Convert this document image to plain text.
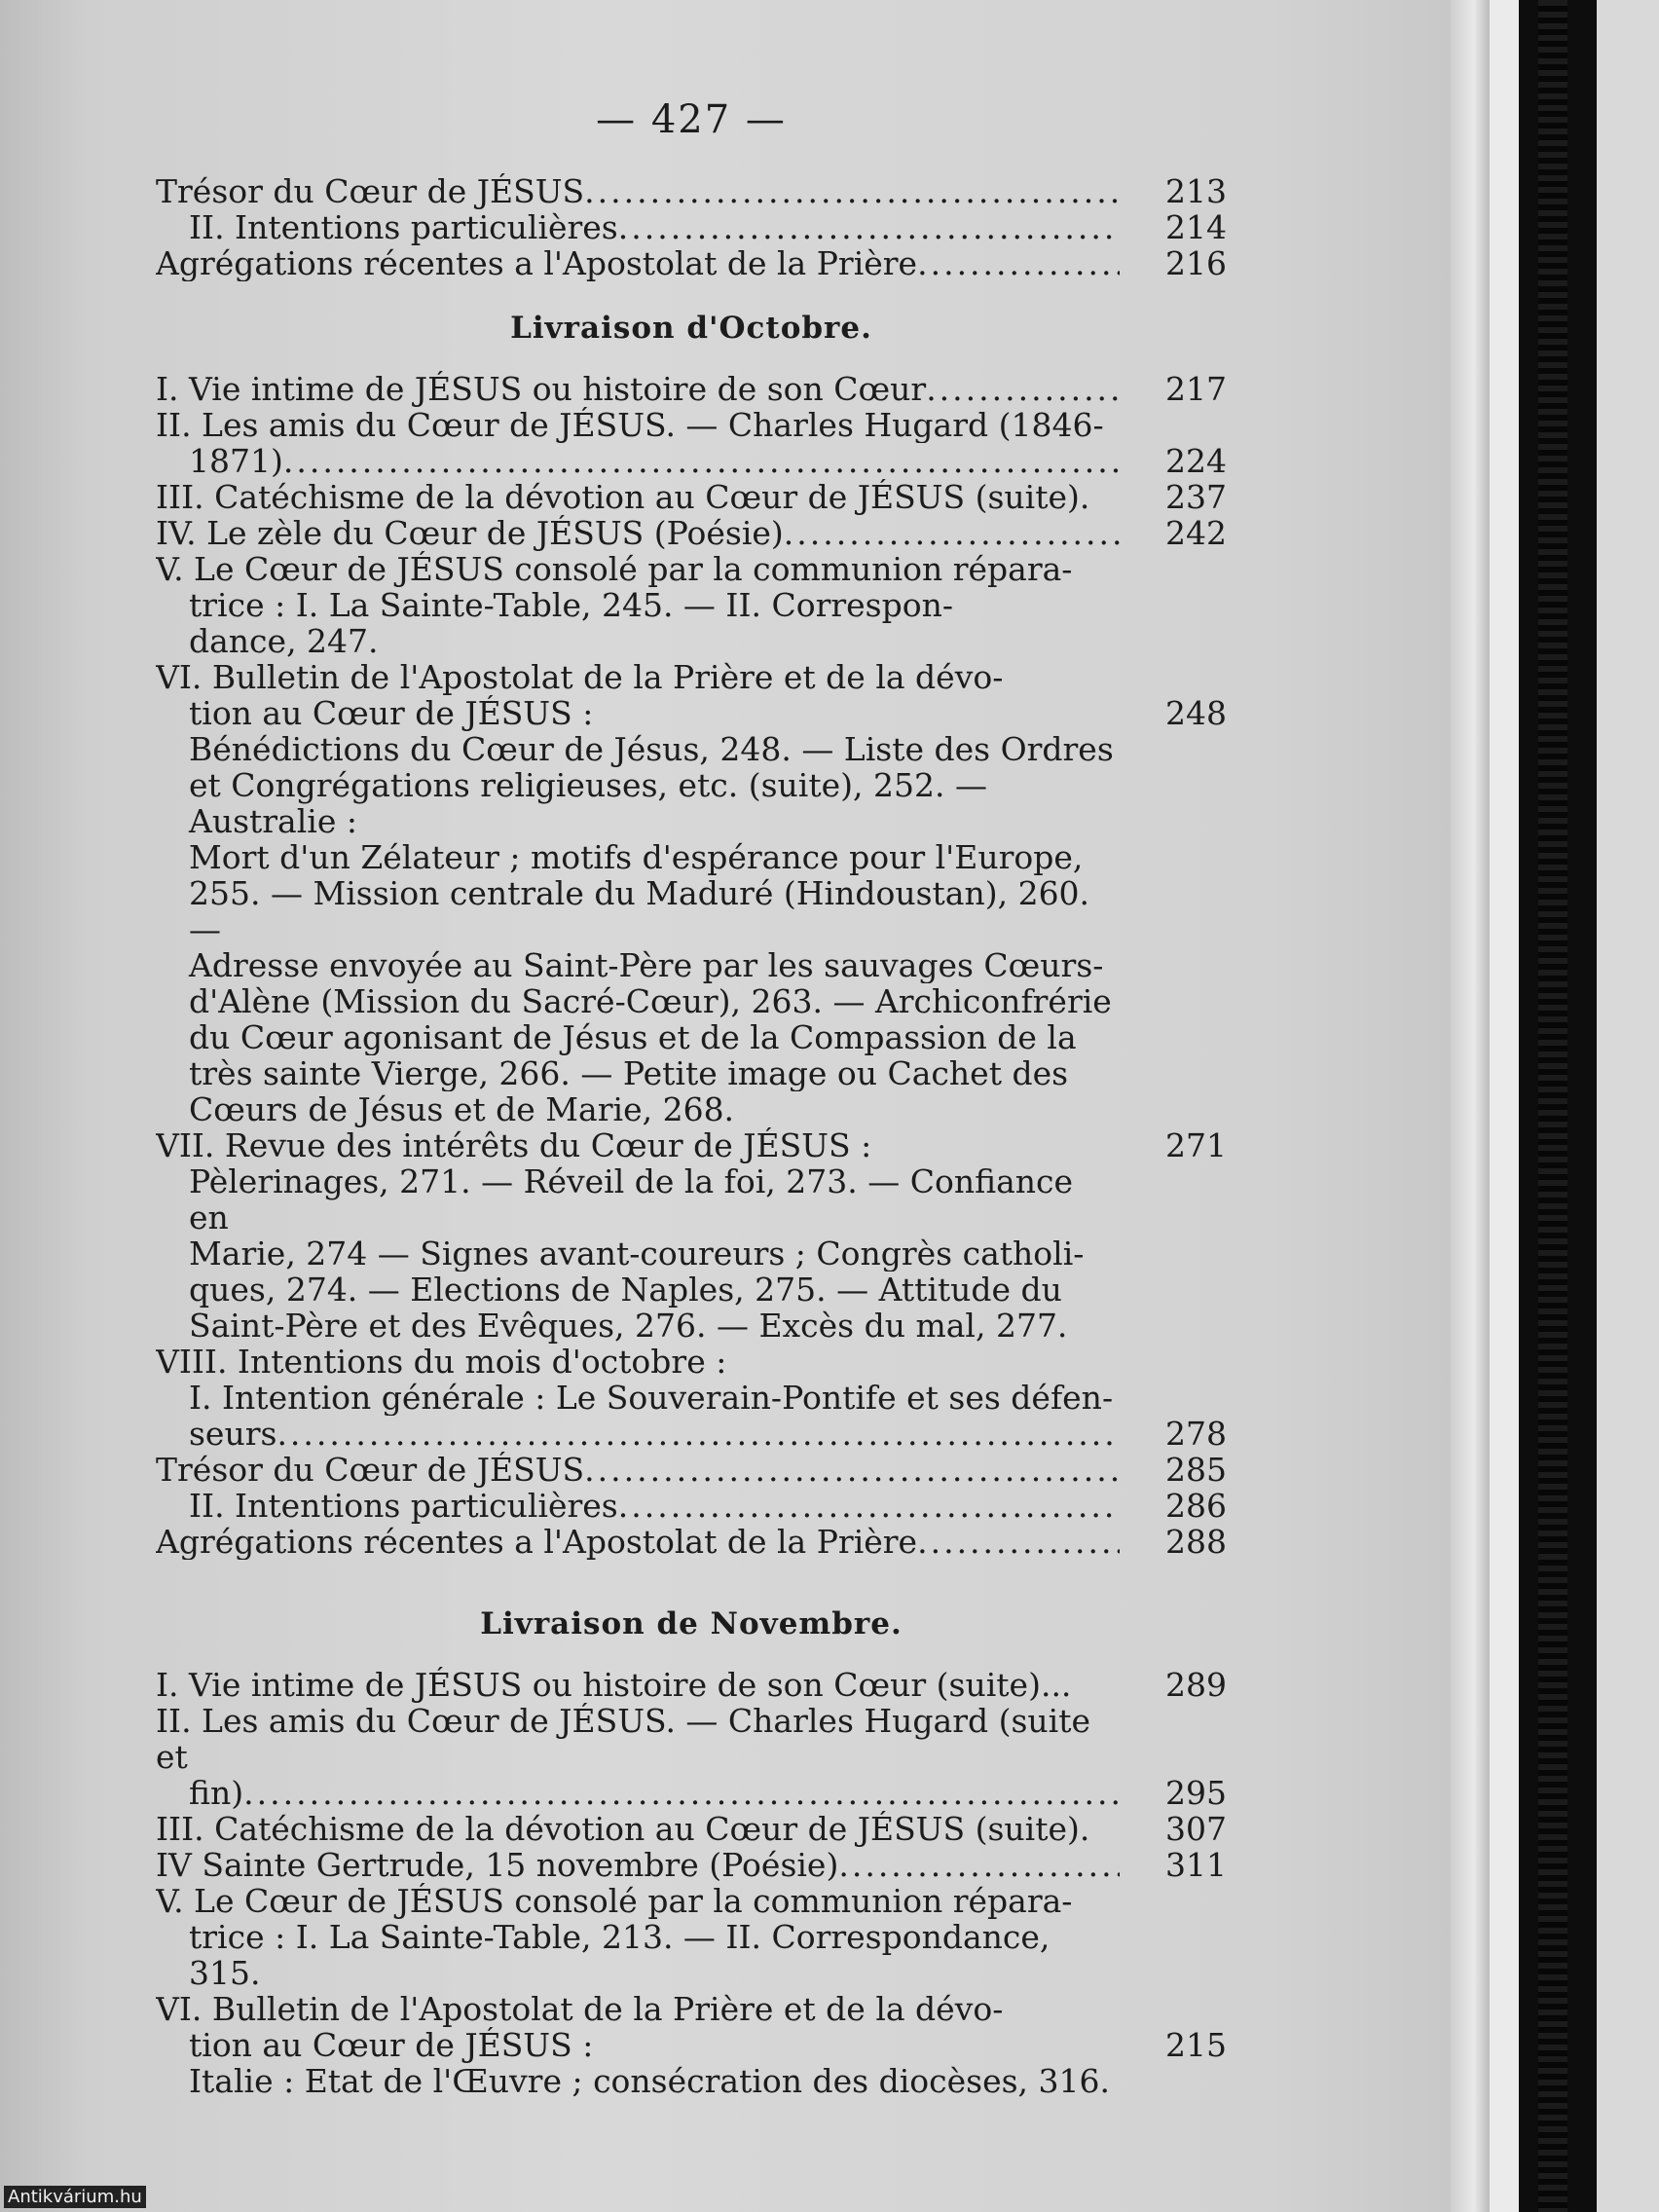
— 427 —
Trésor du Cœur de JÉSUS .....	213
II. Intentions particulières .....	214
Agrégations récentes a l'Apostolat de la Prière .....	216
Livraison d'Octobre.
I. Vie intime de JÉSUS ou histoire de son Cœur .....	217
II. Les amis du Cœur de JÉSUS. — Charles Hugard (1846-
1871) .....	224
III. Catéchisme de la dévotion au Cœur de JÉSUS (suite).	237
IV. Le zèle du Cœur de JÉSUS (Poésie) .....	242
V. Le Cœur de JÉSUS consolé par la communion répara-
trice : I. La Sainte-Table, 245. — II. Correspon-
dance, 247.
VI. Bulletin de l'Apostolat de la Prière et de la dévo-
tion au Cœur de JÉSUS :	248
Bénédictions du Cœur de Jésus, 248. — Liste des Ordres
et Congrégations religieuses, etc. (suite), 252. — Australie :
Mort d'un Zélateur ; motifs d'espérance pour l'Europe,
255. — Mission centrale du Maduré (Hindoustan), 260. —
Adresse envoyée au Saint-Père par les sauvages Cœurs-
d'Alène (Mission du Sacré-Cœur), 263. — Archiconfrérie
du Cœur agonisant de Jésus et de la Compassion de la
très sainte Vierge, 266. — Petite image ou Cachet des
Cœurs de Jésus et de Marie, 268.
VII. Revue des intérêts du Cœur de JÉSUS :	271
Pèlerinages, 271. — Réveil de la foi, 273. — Confiance en
Marie, 274 — Signes avant-coureurs ; Congrès catholi-
ques, 274. — Elections de Naples, 275. — Attitude du
Saint-Père et des Evêques, 276. — Excès du mal, 277.
VIII. Intentions du mois d'octobre :
I. Intention générale : Le Souverain-Pontife et ses défen-
seurs .....	278
Trésor du Cœur de JÉSUS .....	285
II. Intentions particulières .....	286
Agrégations récentes a l'Apostolat de la Prière .....	288
Livraison de Novembre.
I. Vie intime de JÉSUS ou histoire de son Cœur (suite)...	289
II. Les amis du Cœur de JÉSUS. — Charles Hugard (suite et
fin) .....	295
III. Catéchisme de la dévotion au Cœur de JÉSUS (suite).	307
IV Sainte Gertrude, 15 novembre (Poésie) .....	311
V. Le Cœur de JÉSUS consolé par la communion répara-
trice : I. La Sainte-Table, 213. — II. Correspondance,
315.
VI. Bulletin de l'Apostolat de la Prière et de la dévo-
tion au Cœur de JÉSUS :	215
Italie : Etat de l'Œuvre ; consécration des diocèses, 316.
Antikvárium.hu
